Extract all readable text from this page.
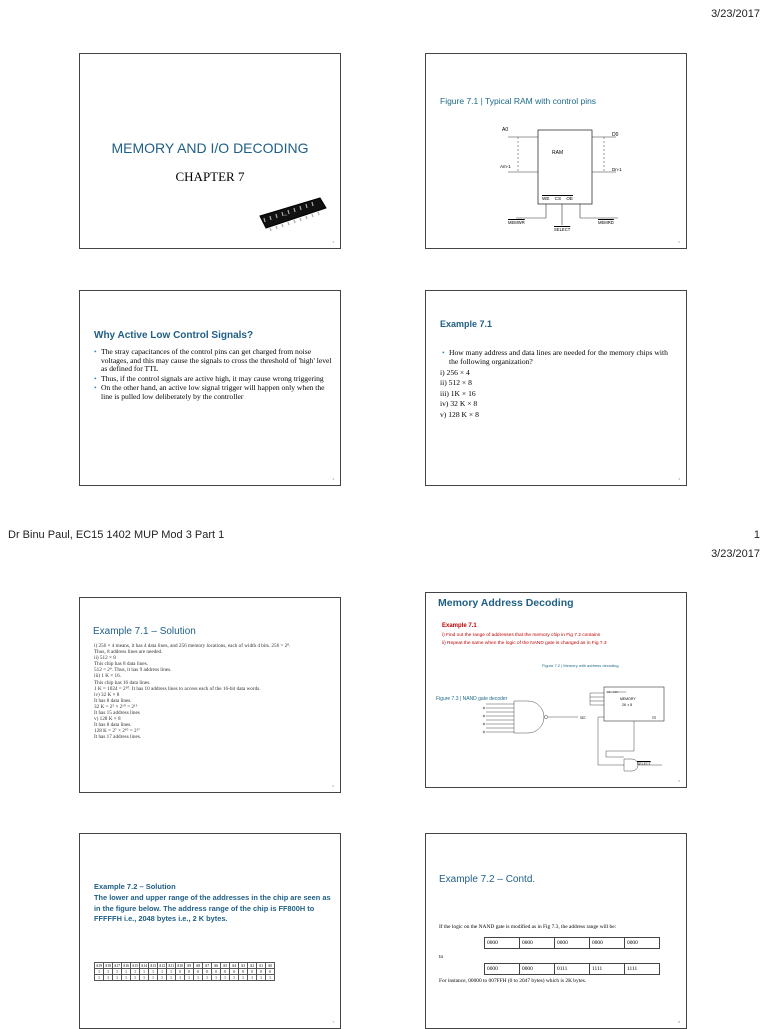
3/23/2017
MEMORY AND I/O DECODING
CHAPTER 7
▪▪▪
1
Figure 7.1 | Typical RAM with control pins
A0
Am-1
RAM
D0
Dn-1
WE CS OE
MEMWR
SELECT
MEMRD
2
Why Active Low Control Signals?
• The stray capacitances of the control pins can get charged from noise voltages, and this may cause the signals to cross the threshold of 'high' level as defined for TTL
• Thus, if the control signals are active high, it may cause wrong triggering
• On the other hand, an active low signal trigger will happen only when the line is pulled low deliberately by the controller
3
Example 7.1
• How many address and data lines are needed for the memory chips with the following organization?
i) 256 × 4
ii) 512 × 8
iii) 1K × 16
iv) 32 K × 8
v) 128 K × 8
4
Dr Binu Paul, EC15 1402 MUP Mod 3 Part 1	1
3/23/2017
Example 7.1 – Solution
i) 256 × 4 means, it has 4 data lines, and 256 memory locations, each of width 4 bits. 256 = 2⁸.
Thus, 8 address lines are needed.
ii) 512 × 8
This chip has 8 data lines.
512 = 2⁹. Thus, it has 9 address lines.
iii) 1 K × 16.
This chip has 16 data lines.
1 K = 1024 = 2¹⁰. It has 10 address lines to access each of the 16-bit data words.
iv) 32 K × 8
It has 8 data lines.
32 K = 2⁵ × 2¹⁰ = 2¹⁵
It has 15 address lines
v) 128 K × 8
It has 8 data lines.
128 K = 2⁷ × 2¹⁰ = 2¹⁷
It has 17 address lines.
5
Memory Address Decoding
Example 7.1
i) Find out the range of addresses that the memory chip in Fig 7.2 contains
ii) Repeat the same when the logic of the NAND gate is changed as in Fig 7.3
Figure 7.2 | Memory with address decoding
Figure 7.3 | NAND gate decoder
A0 - A10
SEL	CS
MEMORY
2K × 8
SELECT
6
Example 7.2 – Solution
The lower and upper range of the addresses in the chip are seen as in the figure below. The address range of the chip is FF800H to FFFFFH i.e., 2048 bytes i.e., 2 K bytes.
A19	A18	A17	A16	A15	A14	A13	A12	A11	A10	A9	A8	A7	A6	A5	A4	A3	A2	A1	A0
1	1	1	1	1	1	1	1	1	0	0	0	0	0	0	0	0	0	0	0
1	1	1	1	1	1	1	1	1	1	1	1	1	1	1	1	1	1	1	1
7
Example 7.2 – Contd.
If the logic on the NAND gate is modified as in Fig 7.3, the address range will be:
0000	0000	0000	0000	0000
to
0000	0000	0111	1111	1111
For instance, 00000 to 007FFH (0 to 2047 bytes) which is 2K bytes.
8
